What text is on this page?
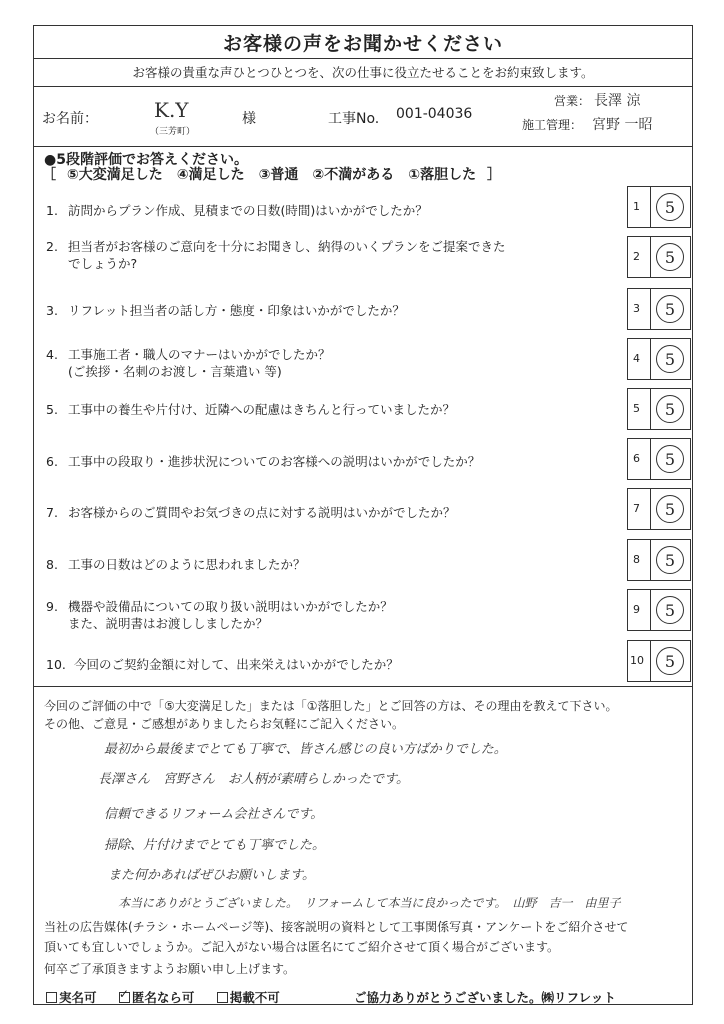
お客様の声をお聞かせください
お客様の貴重な声ひとつひとつを、次の仕事に役立たせることをお約束致します。
お名前：	K.Y
（三芳町）
様	工事No. 001-04036
営業： 長澤 涼
施工管理： 宮野 一昭
●5段階評価でお答えください。
［ ⑤大変満足した　④満足した　③普通　②不満がある　①落胆した ］
1. 訪問からプラン作成、見積までの日数(時間)はいかがでしたか？	1	5
2. 担当者がお客様のご意向を十分にお聞きし、納得のいくプランをご提案できた
でしょうか?	2	5
3. リフレット担当者の話し方・態度・印象はいかがでしたか？	3	5
4. 工事施工者・職人のマナーはいかがでしたか？
(ご挨拶・名刺のお渡し・言葉遣い 等)
4	5
5. 工事中の養生や片付け、近隣への配慮はきちんと行っていましたか？	5	5
6. 工事中の段取り・進捗状況についてのお客様への説明はいかがでしたか？	6	5
7. お客様からのご質問やお気づきの点に対する説明はいかがでしたか？	7	5
8. 工事の日数はどのように思われましたか？	8	5
9. 機器や設備品についての取り扱い説明はいかがでしたか？
また、説明書はお渡ししましたか？
9	5
10. 今回のご契約金額に対して、出来栄えはいかがでしたか？	10	5
今回のご評価の中で「⑤大変満足した」または「①落胆した」とご回答の方は、その理由を教えて下さい。
その他、ご意見・ご感想がありましたらお気軽にご記入ください。
最初から最後までとても丁寧で、皆さん感じの良い方ばかりでした。
長澤さん　宮野さん　お人柄が素晴らしかったです。
信頼できるリフォーム会社さんです。
掃除、片付けまでとても丁寧でした。
また何かあればぜひお願いします。
本当にありがとうございました。　リフォームして本当に良かったです。　山野　吉一　由里子
当社の広告媒体(チラシ・ホームページ等)、接客説明の資料として工事関係写真・アンケートをご紹介させて
頂いても宜しいでしょうか。ご記入がない場合は匿名にてご紹介させて頂く場合がございます。
何卒ご了承頂きますようお願い申し上げます。
実名可 ✓	匿名なら可	掲載不可	ご協力ありがとうございました。㈱リフレット
